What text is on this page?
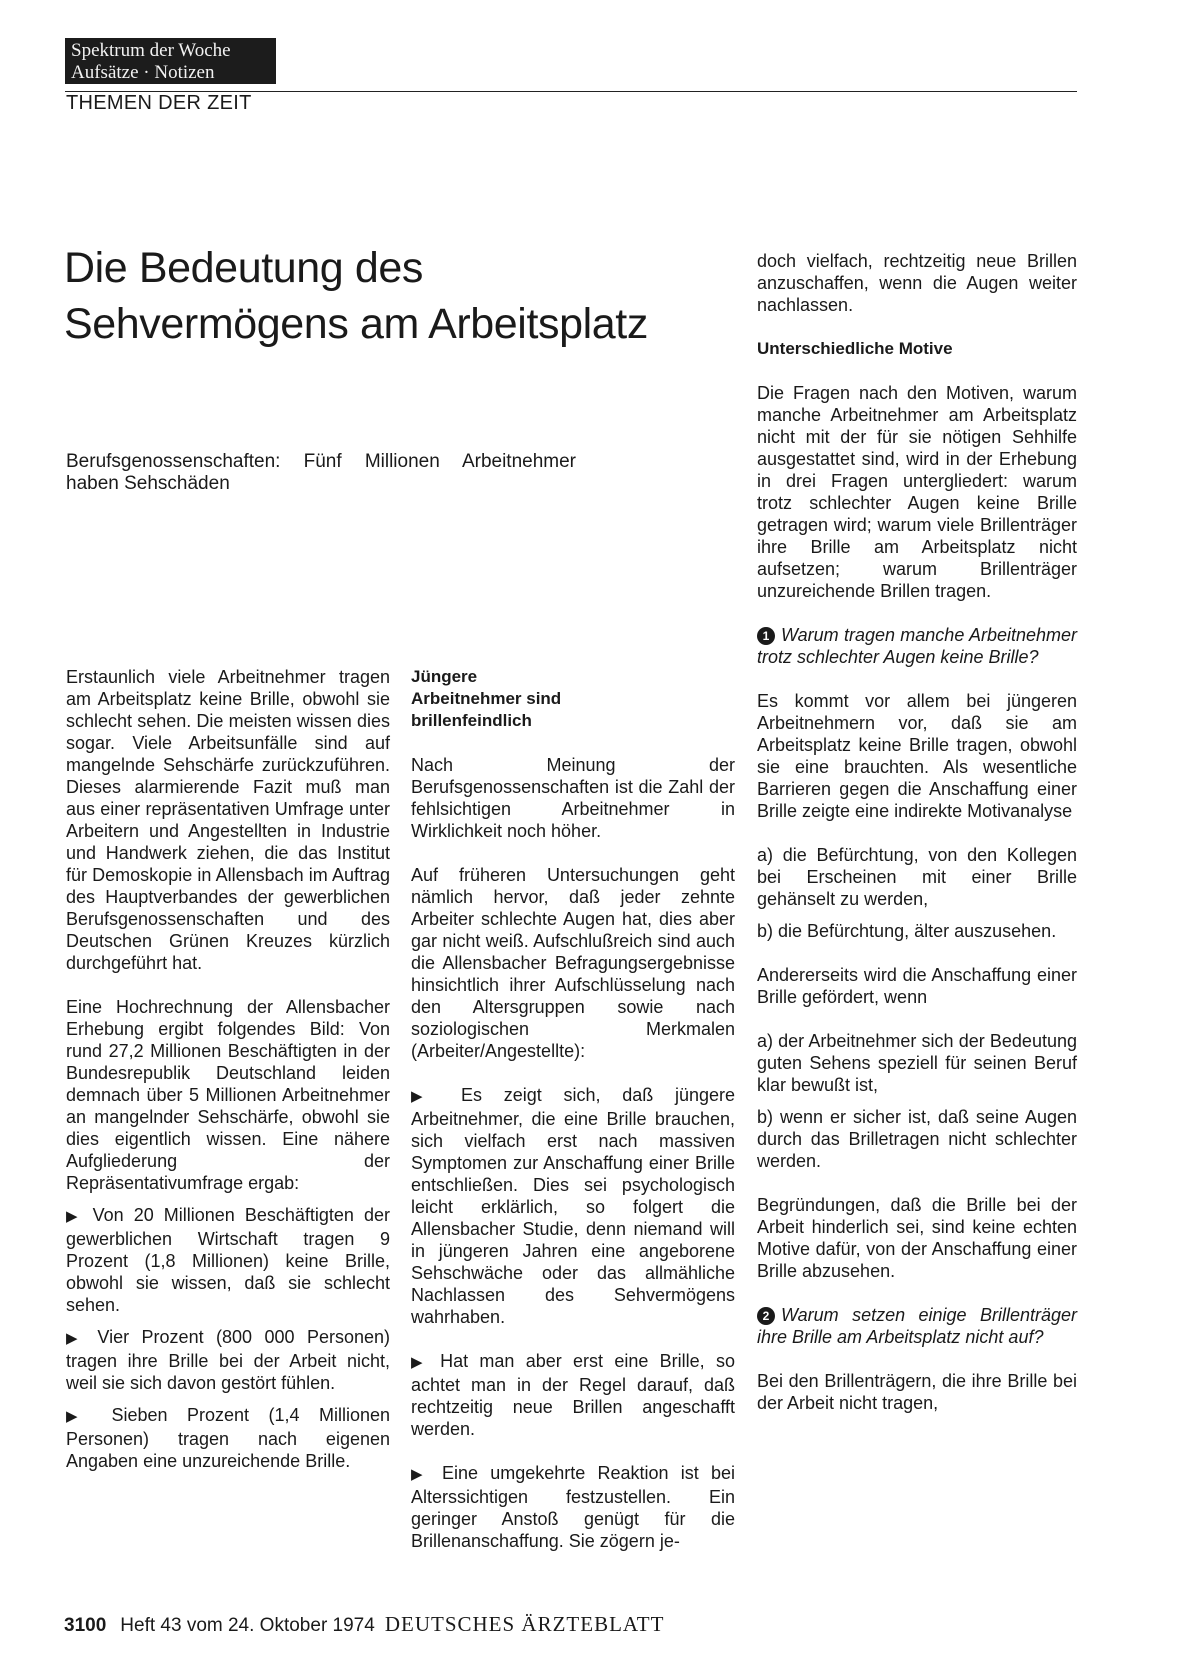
Spektrum der Woche
Aufsätze · Notizen
THEMEN DER ZEIT
Die Bedeutung des
Sehvermögens am Arbeitsplatz
Berufsgenossenschaften: Fünf Millionen Arbeitnehmer haben Sehschäden

Erstaunlich viele Arbeitnehmer tragen am Arbeitsplatz keine Brille, obwohl sie schlecht sehen. Die meisten wissen dies sogar. Viele Arbeitsunfälle sind auf mangelnde Sehschärfe zurückzuführen. Dieses alarmierende Fazit muß man aus einer repräsentativen Umfrage unter Arbeitern und Angestellten in Industrie und Handwerk ziehen, die das Institut für Demoskopie in Allensbach im Auftrag des Hauptverbandes der gewerblichen Berufsgenossenschaften und des Deutschen Grünen Kreuzes kürzlich durchgeführt hat.

Eine Hochrechnung der Allensbacher Erhebung ergibt folgendes Bild: Von rund 27,2 Millionen Beschäftigten in der Bundesrepublik Deutschland leiden demnach über 5 Millionen Arbeitnehmer an mangelnder Sehschärfe, obwohl sie dies eigentlich wissen. Eine nähere Aufgliederung der Repräsentativumfrage ergab:

▶ Von 20 Millionen Beschäftigten der gewerblichen Wirtschaft tragen 9 Prozent (1,8 Millionen) keine Brille, obwohl sie wissen, daß sie schlecht sehen.

▶ Vier Prozent (800 000 Personen) tragen ihre Brille bei der Arbeit nicht, weil sie sich davon gestört fühlen.

▶ Sieben Prozent (1,4 Millionen Personen) tragen nach eigenen Angaben eine unzureichende Brille.

Jüngere
Arbeitnehmer sind
brillenfeindlich

Nach Meinung der Berufsgenossenschaften ist die Zahl der fehlsichtigen Arbeitnehmer in Wirklichkeit noch höher.

Auf früheren Untersuchungen geht nämlich hervor, daß jeder zehnte Arbeiter schlechte Augen hat, dies aber gar nicht weiß. Aufschlußreich sind auch die Allensbacher Befragungsergebnisse hinsichtlich ihrer Aufschlüsselung nach den Altersgruppen sowie nach soziologischen Merkmalen (Arbeiter/Angestellte):

▶ Es zeigt sich, daß jüngere Arbeitnehmer, die eine Brille brauchen, sich vielfach erst nach massiven Symptomen zur Anschaffung einer Brille entschließen. Dies sei psychologisch leicht erklärlich, so folgert die Allensbacher Studie, denn niemand will in jüngeren Jahren eine angeborene Sehschwäche oder das allmähliche Nachlassen des Sehvermögens wahrhaben.

▶ Hat man aber erst eine Brille, so achtet man in der Regel darauf, daß rechtzeitig neue Brillen angeschafft werden.

▶ Eine umgekehrte Reaktion ist bei Alterssichtigen festzustellen. Ein geringer Anstoß genügt für die Brillenanschaffung. Sie zögern je-

doch vielfach, rechtzeitig neue Brillen anzuschaffen, wenn die Augen weiter nachlassen.

Unterschiedliche Motive

Die Fragen nach den Motiven, warum manche Arbeitnehmer am Arbeitsplatz nicht mit der für sie nötigen Sehhilfe ausgestattet sind, wird in der Erhebung in drei Fragen untergliedert: warum trotz schlechter Augen keine Brille getragen wird; warum viele Brillenträger ihre Brille am Arbeitsplatz nicht aufsetzen; warum Brillenträger unzureichende Brillen tragen.

1 Warum tragen manche Arbeitnehmer trotz schlechter Augen keine Brille?

Es kommt vor allem bei jüngeren Arbeitnehmern vor, daß sie am Arbeitsplatz keine Brille tragen, obwohl sie eine brauchten. Als wesentliche Barrieren gegen die Anschaffung einer Brille zeigte eine indirekte Motivanalyse

a) die Befürchtung, von den Kollegen bei Erscheinen mit einer Brille gehänselt zu werden,

b) die Befürchtung, älter auszusehen.

Andererseits wird die Anschaffung einer Brille gefördert, wenn

a) der Arbeitnehmer sich der Bedeutung guten Sehens speziell für seinen Beruf klar bewußt ist,

b) wenn er sicher ist, daß seine Augen durch das Brilletragen nicht schlechter werden.

Begründungen, daß die Brille bei der Arbeit hinderlich sei, sind keine echten Motive dafür, von der Anschaffung einer Brille abzusehen.

2 Warum setzen einige Brillenträger ihre Brille am Arbeitsplatz nicht auf?

Bei den Brillenträgern, die ihre Brille bei der Arbeit nicht tragen,

3100 Heft 43 vom 24. Oktober 1974 DEUTSCHES ÄRZTEBLATT
